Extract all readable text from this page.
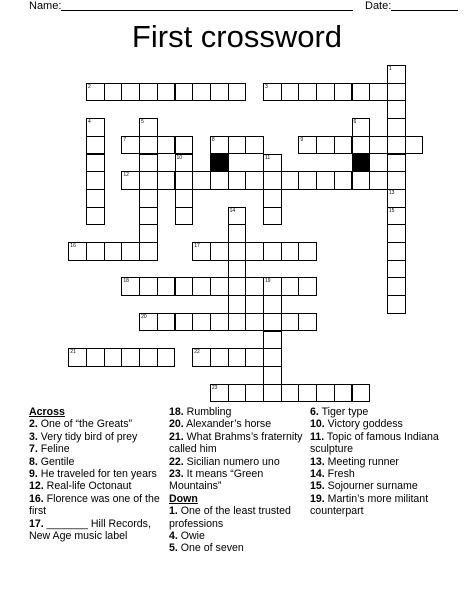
Name:	Date:
First crossword
2	3
7	8	9
12
16	17
18	19
20
21	22
23
1
4	5	6
10	11
13
15
14
Across
2. One of “the Greats”
3. Very tidy bird of prey
7. Feline
8. Gentile
9. He traveled for ten years
12. Real-life Octonaut
16. Florence was one of the first
17. _______ Hill Records, New Age music label
18. Rumbling
20. Alexander’s horse
21. What Brahms’s fraternity called him
22. Sicilian numero uno
23. It means “Green Mountains”
Down
1. One of the least trusted professions
4. Owie
5. One of seven
6. Tiger type
10. Victory goddess
11. Topic of famous Indiana sculpture
13. Meeting runner
14. Fresh
15. Sojourner surname
19. Martin’s more militant counterpart
